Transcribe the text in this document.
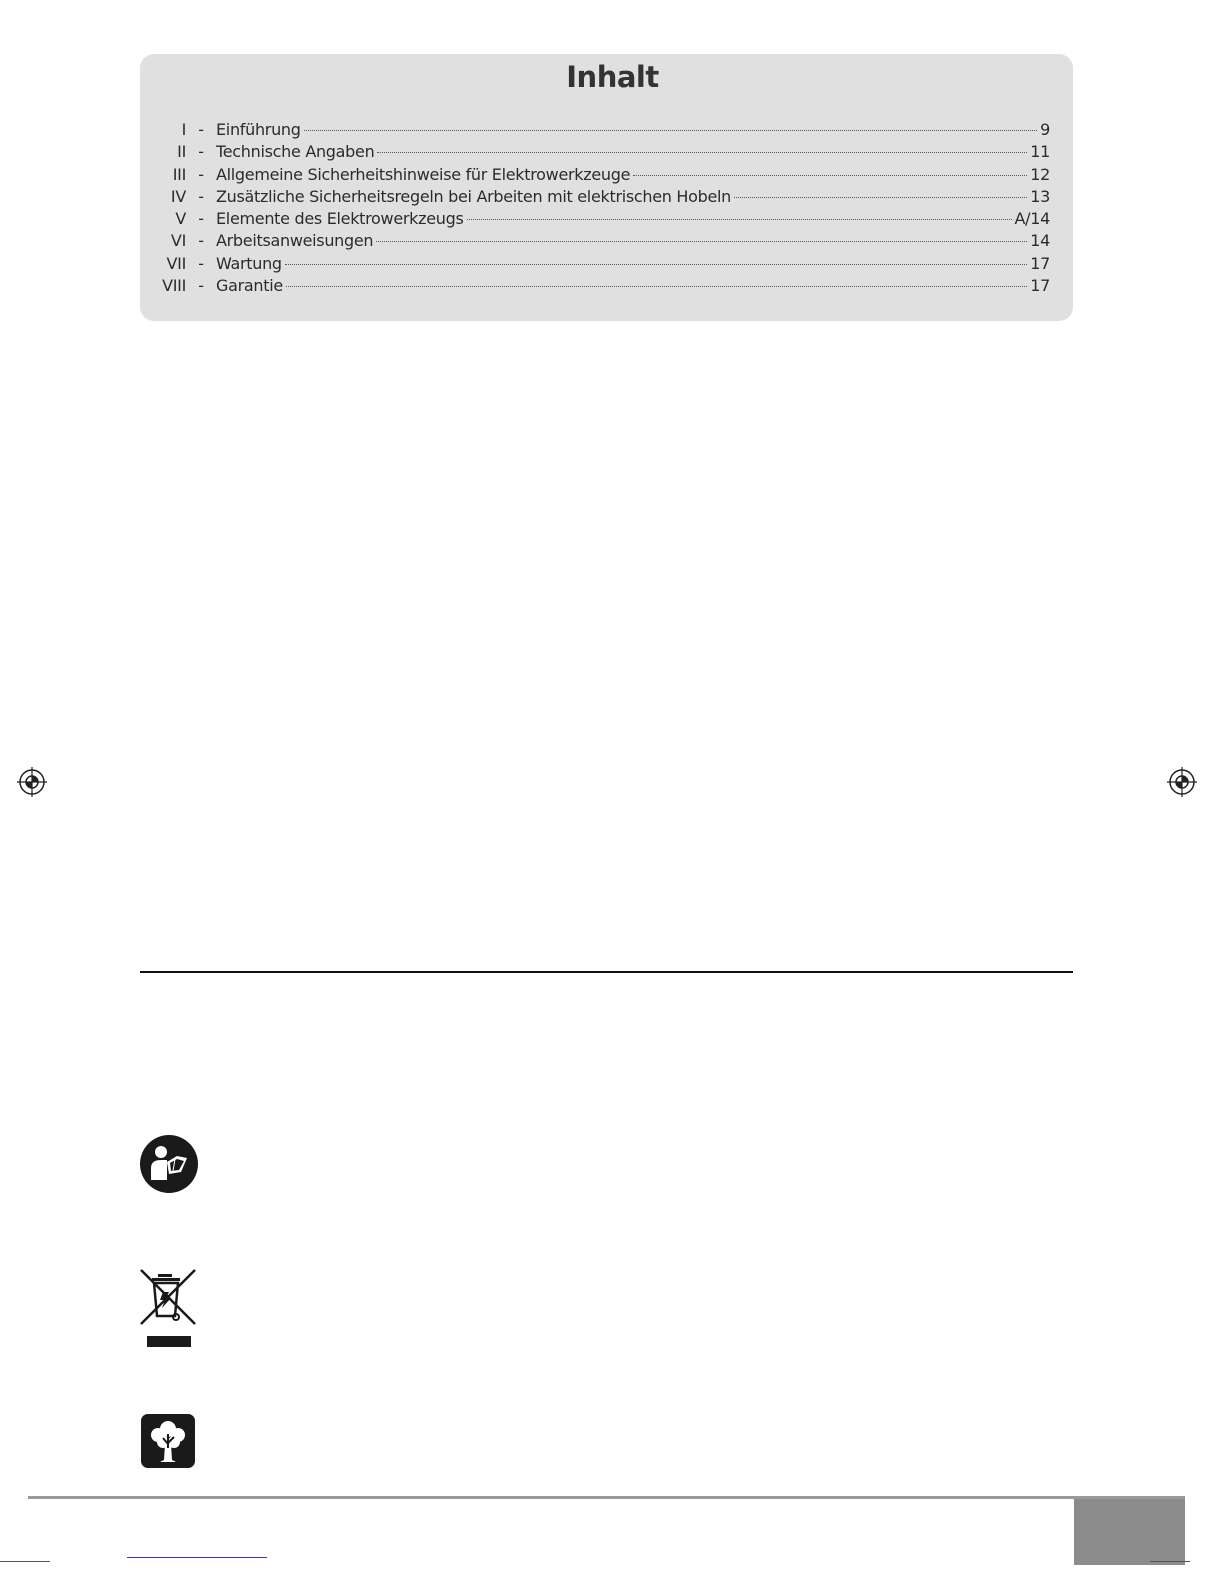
Inhalt
I - Einführung	9
II - Technische Angaben	11
III - Allgemeine Sicherheitshinweise für Elektrowerkzeuge	12
IV - Zusätzliche Sicherheitsregeln bei Arbeiten mit elektrischen Hobeln	13
V - Elemente des Elektrowerkzeugs	A/14
VI - Arbeitsanweisungen	14
VII - Wartung	17
VIII - Garantie	17
